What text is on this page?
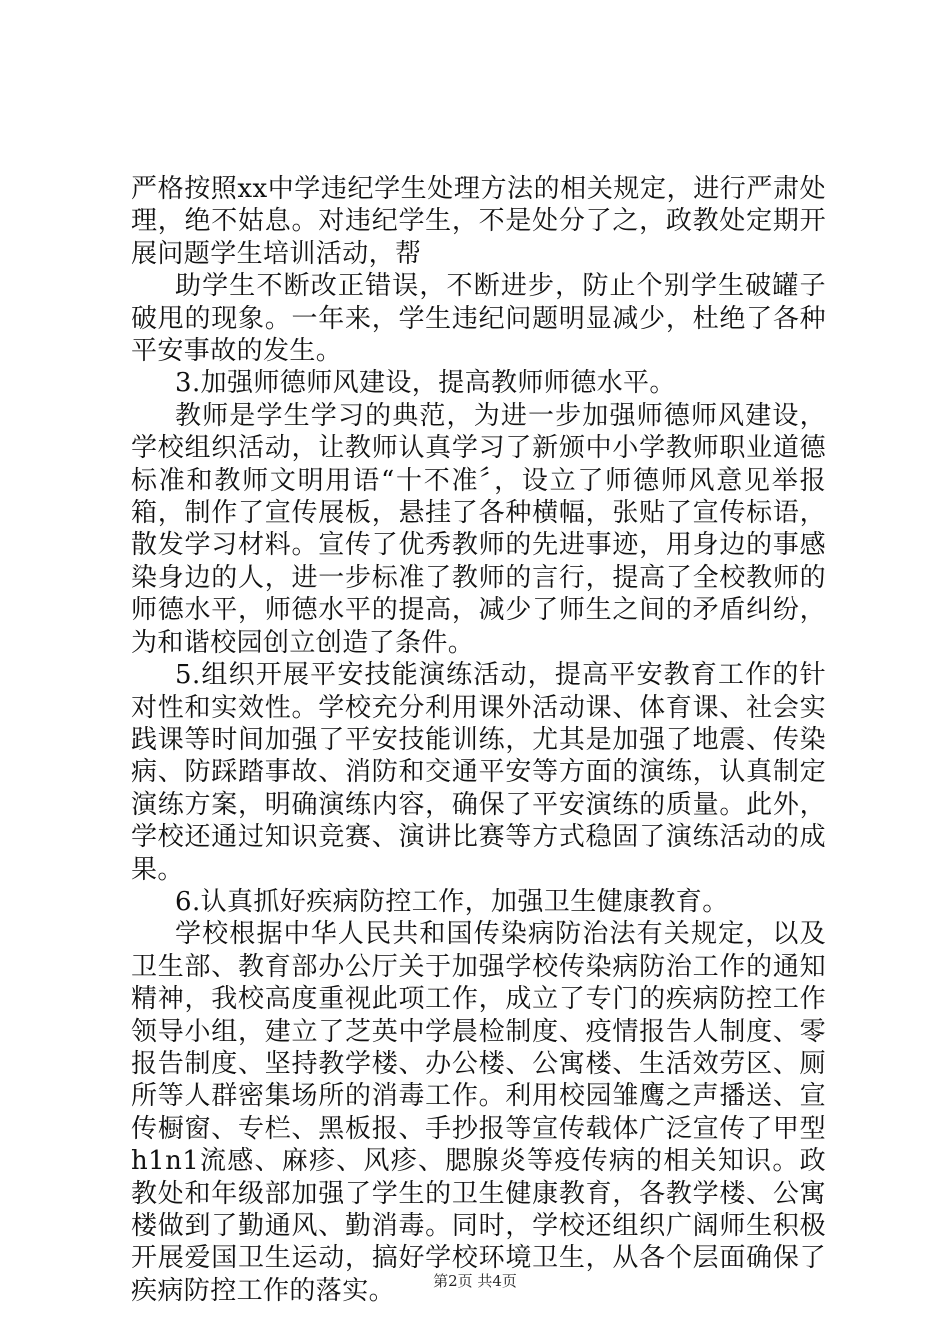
严格按照xx中学违纪学生处理方法的相关规定，进行严肃处理，绝不姑息。对违纪学生，不是处分了之，政教处定期开展问题学生培训活动，帮

助学生不断改正错误，不断进步，防止个别学生破罐子破甩的现象。一年来，学生违纪问题明显减少，杜绝了各种平安事故的发生。

3.加强师德师风建设，提高教师师德水平。

教师是学生学习的典范，为进一步加强师德师风建设，学校组织活动，让教师认真学习了新颁中小学教师职业道德标准和教师文明用语“十不准〞，设立了师德师风意见举报箱，制作了宣传展板，悬挂了各种横幅，张贴了宣传标语，散发学习材料。宣传了优秀教师的先进事迹，用身边的事感染身边的人，进一步标准了教师的言行，提高了全校教师的师德水平，师德水平的提高，减少了师生之间的矛盾纠纷，为和谐校园创立创造了条件。

5.组织开展平安技能演练活动，提高平安教育工作的针对性和实效性。学校充分利用课外活动课、体育课、社会实践课等时间加强了平安技能训练，尤其是加强了地震、传染病、防踩踏事故、消防和交通平安等方面的演练，认真制定演练方案，明确演练内容，确保了平安演练的质量。此外，学校还通过知识竞赛、演讲比赛等方式稳固了演练活动的成果。

6.认真抓好疾病防控工作，加强卫生健康教育。

学校根据中华人民共和国传染病防治法有关规定，以及卫生部、教育部办公厅关于加强学校传染病防治工作的通知精神，我校高度重视此项工作，成立了专门的疾病防控工作领导小组，建立了芝英中学晨检制度、疫情报告人制度、零报告制度、坚持教学楼、办公楼、公寓楼、生活效劳区、厕所等人群密集场所的消毒工作。利用校园雏鹰之声播送、宣传橱窗、专栏、黑板报、手抄报等宣传载体广泛宣传了甲型h1n1流感、麻疹、风疹、腮腺炎等疫传病的相关知识。政教处和年级部加强了学生的卫生健康教育，各教学楼、公寓楼做到了勤通风、勤消毒。同时，学校还组织广阔师生积极开展爱国卫生运动，搞好学校环境卫生，从各个层面确保了疾病防控工作的落实。	第2页 共4页
